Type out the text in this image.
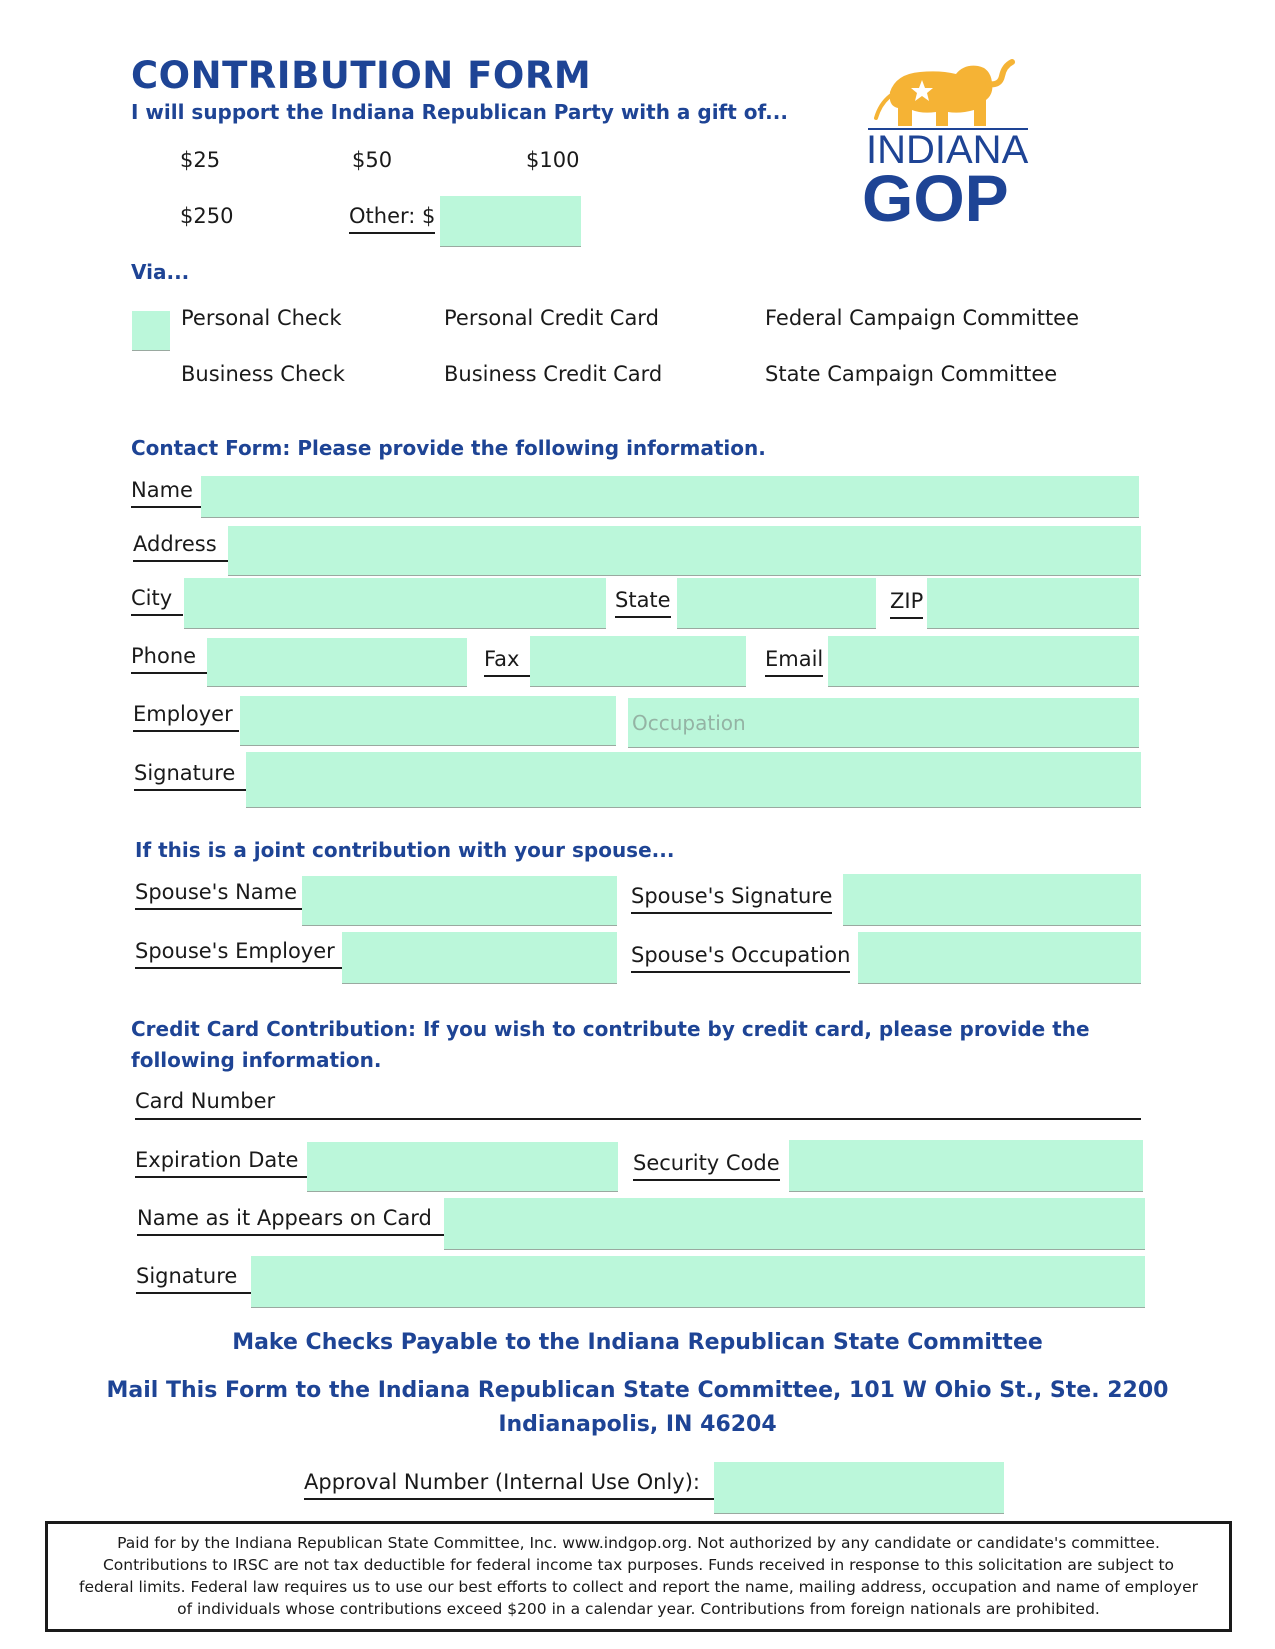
CONTRIBUTION FORM
I will support the Indiana Republican Party with a gift of...
INDIANA
GOP
$25	$50	$100
$250	Other: $
Via...
Personal Check	Personal Credit Card	Federal Campaign Committee
Business Check	Business Credit Card	State Campaign Committee
Contact Form: Please provide the following information.
Name
Address
City	State	ZIP
Phone	Fax	Email
Employer
Occupation
Signature
If this is a joint contribution with your spouse...
Spouse's Name	Spouse's Signature
Spouse's Employer	Spouse's Occupation
Credit Card Contribution: If you wish to contribute by credit card, please provide the
following information.
Card Number
Expiration Date	Security Code
Name as it Appears on Card
Signature
Make Checks Payable to the Indiana Republican State Committee
Mail This Form to the Indiana Republican State Committee, 101 W Ohio St., Ste. 2200
Indianapolis, IN 46204
Approval Number (Internal Use Only):
Paid for by the Indiana Republican State Committee, Inc. www.indgop.org. Not authorized by any candidate or candidate's committee.
Contributions to IRSC are not tax deductible for federal income tax purposes. Funds received in response to this solicitation are subject to
federal limits. Federal law requires us to use our best efforts to collect and report the name, mailing address, occupation and name of employer
of individuals whose contributions exceed $200 in a calendar year. Contributions from foreign nationals are prohibited.
